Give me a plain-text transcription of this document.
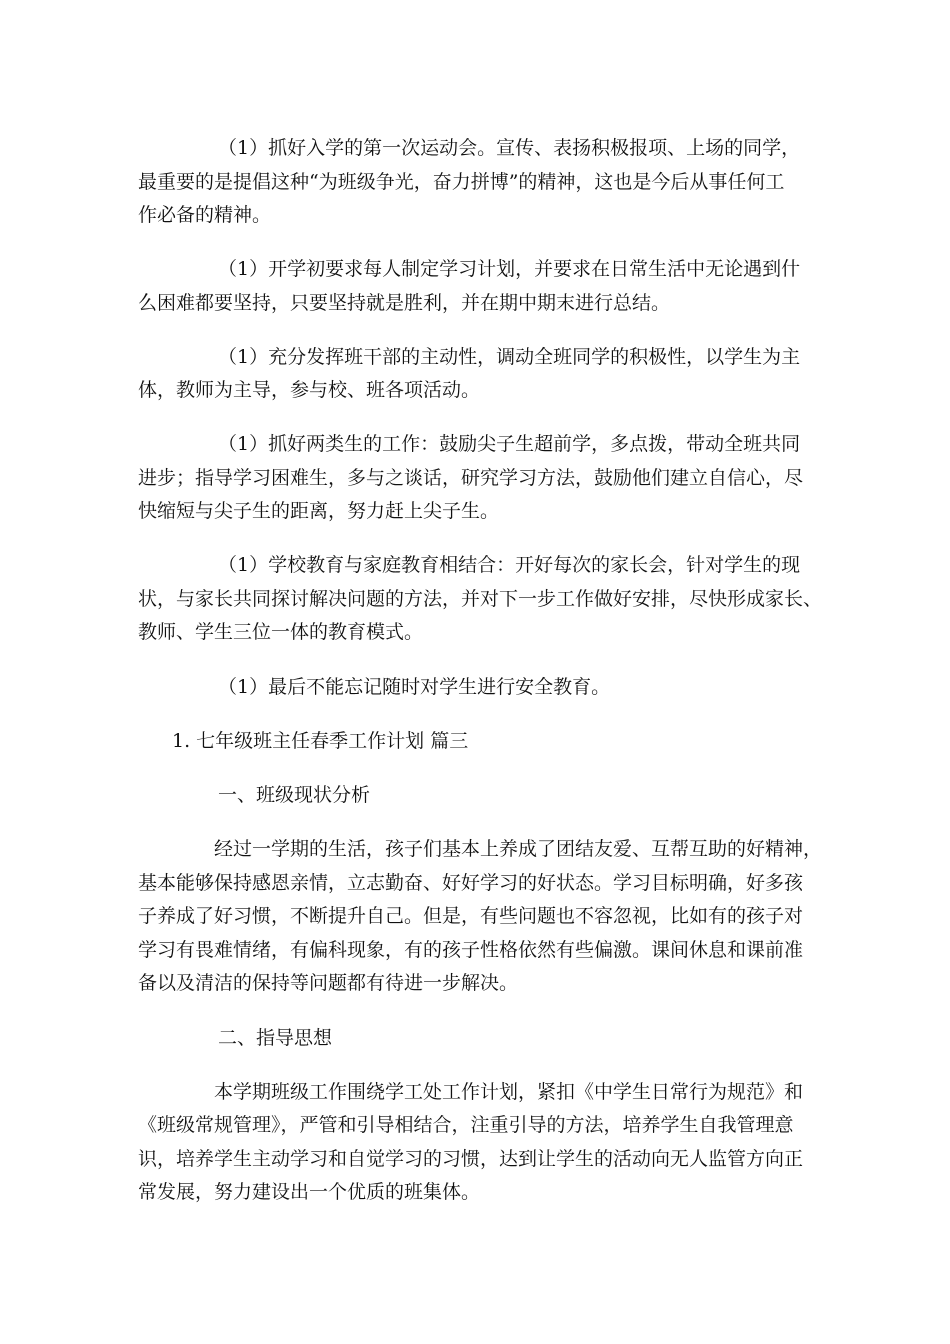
（1）抓好入学的第一次运动会。宣传、表扬积极报项、上场的同学，
最重要的是提倡这种“为班级争光，奋力拼博”的精神，这也是今后从事任何工
作必备的精神。
（1）开学初要求每人制定学习计划，并要求在日常生活中无论遇到什
么困难都要坚持，只要坚持就是胜利，并在期中期末进行总结。
（1）充分发挥班干部的主动性，调动全班同学的积极性，以学生为主
体，教师为主导，参与校、班各项活动。
（1）抓好两类生的工作：鼓励尖子生超前学，多点拨，带动全班共同
进步；指导学习困难生，多与之谈话，研究学习方法，鼓励他们建立自信心，尽
快缩短与尖子生的距离，努力赶上尖子生。
（1）学校教育与家庭教育相结合：开好每次的家长会，针对学生的现
状，与家长共同探讨解决问题的方法，并对下一步工作做好安排，尽快形成家长、
教师、学生三位一体的教育模式。
（1）最后不能忘记随时对学生进行安全教育。
1. 七年级班主任春季工作计划 篇三
一、班级现状分析
经过一学期的生活，孩子们基本上养成了团结友爱、互帮互助的好精神，
基本能够保持感恩亲情，立志勤奋、好好学习的好状态。学习目标明确，好多孩
子养成了好习惯，不断提升自己。但是，有些问题也不容忽视，比如有的孩子对
学习有畏难情绪，有偏科现象，有的孩子性格依然有些偏激。课间休息和课前准
备以及清洁的保持等问题都有待进一步解决。
二、指导思想
本学期班级工作围绕学工处工作计划，紧扣《中学生日常行为规范》和
《班级常规管理》，严管和引导相结合，注重引导的方法，培养学生自我管理意
识，培养学生主动学习和自觉学习的习惯，达到让学生的活动向无人监管方向正
常发展，努力建设出一个优质的班集体。
